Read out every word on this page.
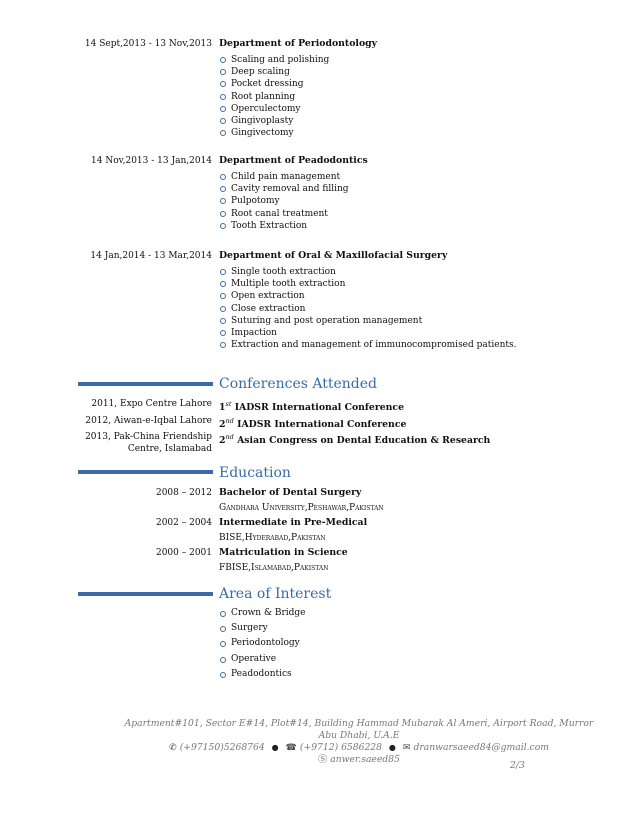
14 Sept,2013 - 13 Nov,2013 Department of Periodontology
Scaling and polishing
Deep scaling
Pocket dressing
Root planning
Operculectomy
Gingivoplasty
Gingivectomy
14 Nov,2013 - 13 Jan,2014 Department of Peadodontics
Child pain management
Cavity removal and filling
Pulpotomy
Root canal treatment
Tooth Extraction
14 Jan,2014 - 13 Mar,2014 Department of Oral & Maxillofacial Surgery
Single tooth extraction
Multiple tooth extraction
Open extraction
Close extraction
Suturing and post operation management
Impaction
Extraction and management of immunocompromised patients.
Conferences Attended
2011, Expo Centre Lahore 1st IADSR International Conference
2012, Aiwan-e-Iqbal Lahore 2nd IADSR International Conference
2013, Pak-China Friendship
Centre, Islamabad
2nd Asian Congress on Dental Education & Research
Education
2008 – 2012 Bachelor of Dental Surgery
Gandhara University,Peshawar,Pakistan
2002 – 2004 Intermediate in Pre-Medical
BISE,Hyderabad,Pakistan
2000 – 2001 Matriculation in Science
FBISE,Islamabad,Pakistan
Area of Interest
Crown & Bridge
Surgery
Periodontology
Operative
Peadodontics
Apartment#101, Sector E#14, Plot#14, Building Hammad Mubarak Al Ameri, Airport Road, Murror
Abu Dhabi, U.A.E
✆ (+97150)5268764 ● ☎ (+9712) 6586228 ● ✉ dranwarsaeed84@gmail.com
Ⓢ anwer.saeed85
2/3
